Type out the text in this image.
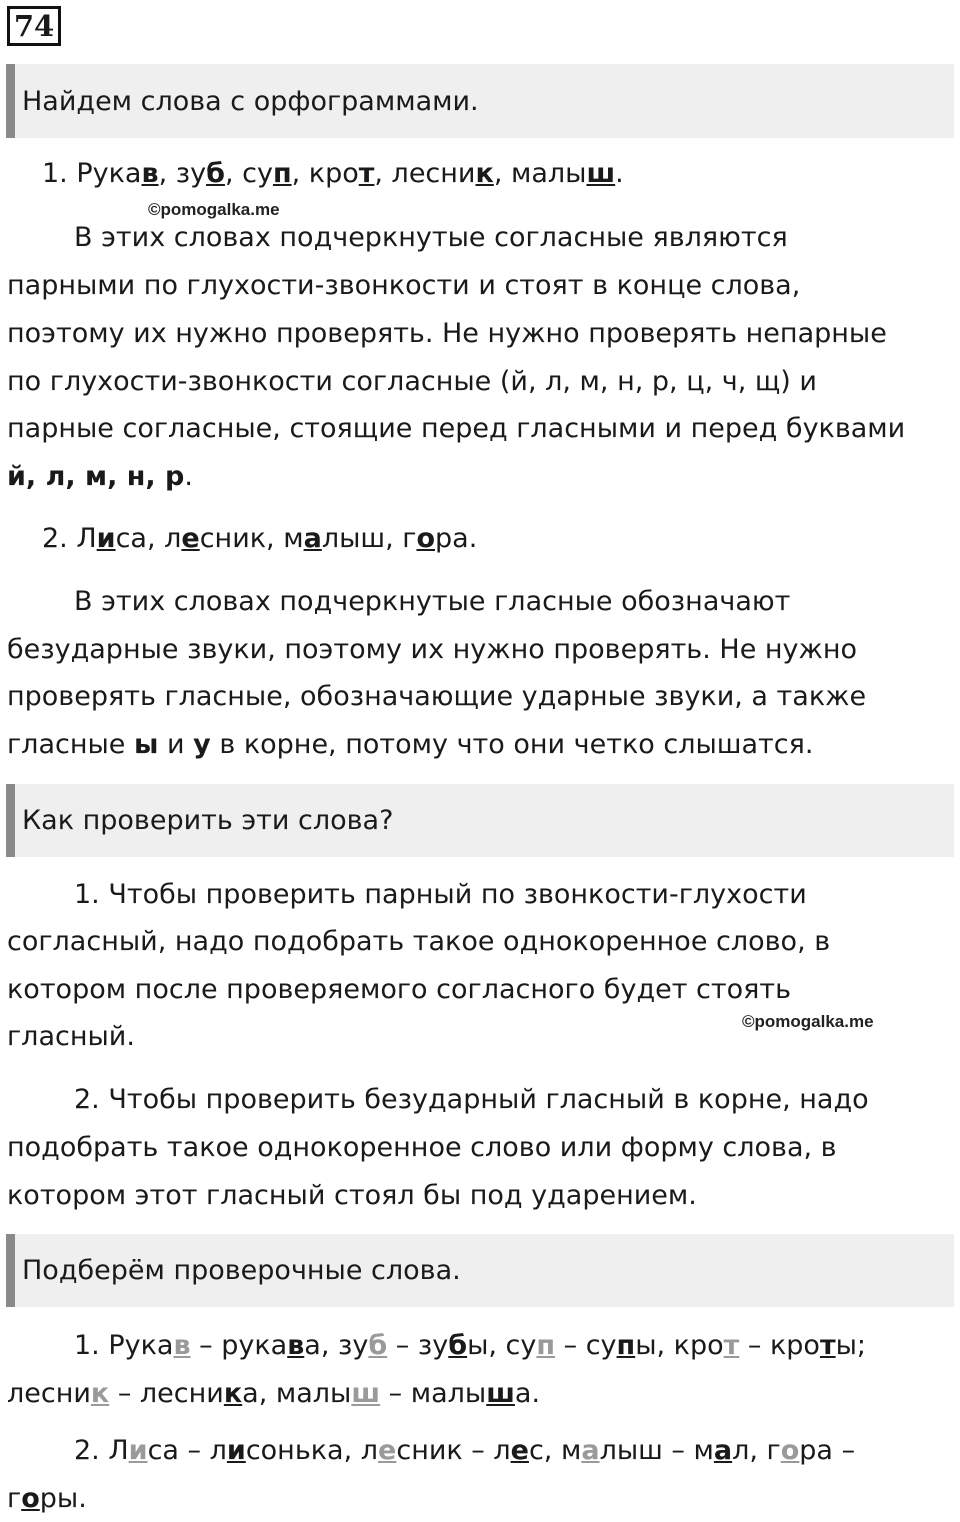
74
Найдем слова с орфограммами.
1. Рукав, зуб, суп, крот, лесник, малыш.
©pomogalka.me
В этих словах подчеркнутые согласные являются
парными по глухости-звонкости и стоят в конце слова,
поэтому их нужно проверять. Не нужно проверять непарные
по глухости-звонкости согласные (й, л, м, н, р, ц, ч, щ) и
парные согласные, стоящие перед гласными и перед буквами
й, л, м, н, р.
2. Лиса, лесник, малыш, гора.
В этих словах подчеркнутые гласные обозначают
безударные звуки, поэтому их нужно проверять. Не нужно
проверять гласные, обозначающие ударные звуки, а также
гласные ы и у в корне, потому что они четко слышатся.
Как проверить эти слова?
1. Чтобы проверить парный по звонкости-глухости
согласный, надо подобрать такое однокоренное слово, в
котором после проверяемого согласного будет стоять
©pomogalka.me
гласный.
2. Чтобы проверить безударный гласный в корне, надо
подобрать такое однокоренное слово или форму слова, в
котором этот гласный стоял бы под ударением.
Подберём проверочные слова.
1. Рукав – рукава, зуб – зубы, суп – супы, крот – кроты;
лесник – лесника, малыш – малыша.
2. Лиса – лисонька, лесник – лес, малыш – мал, гора –
горы.
